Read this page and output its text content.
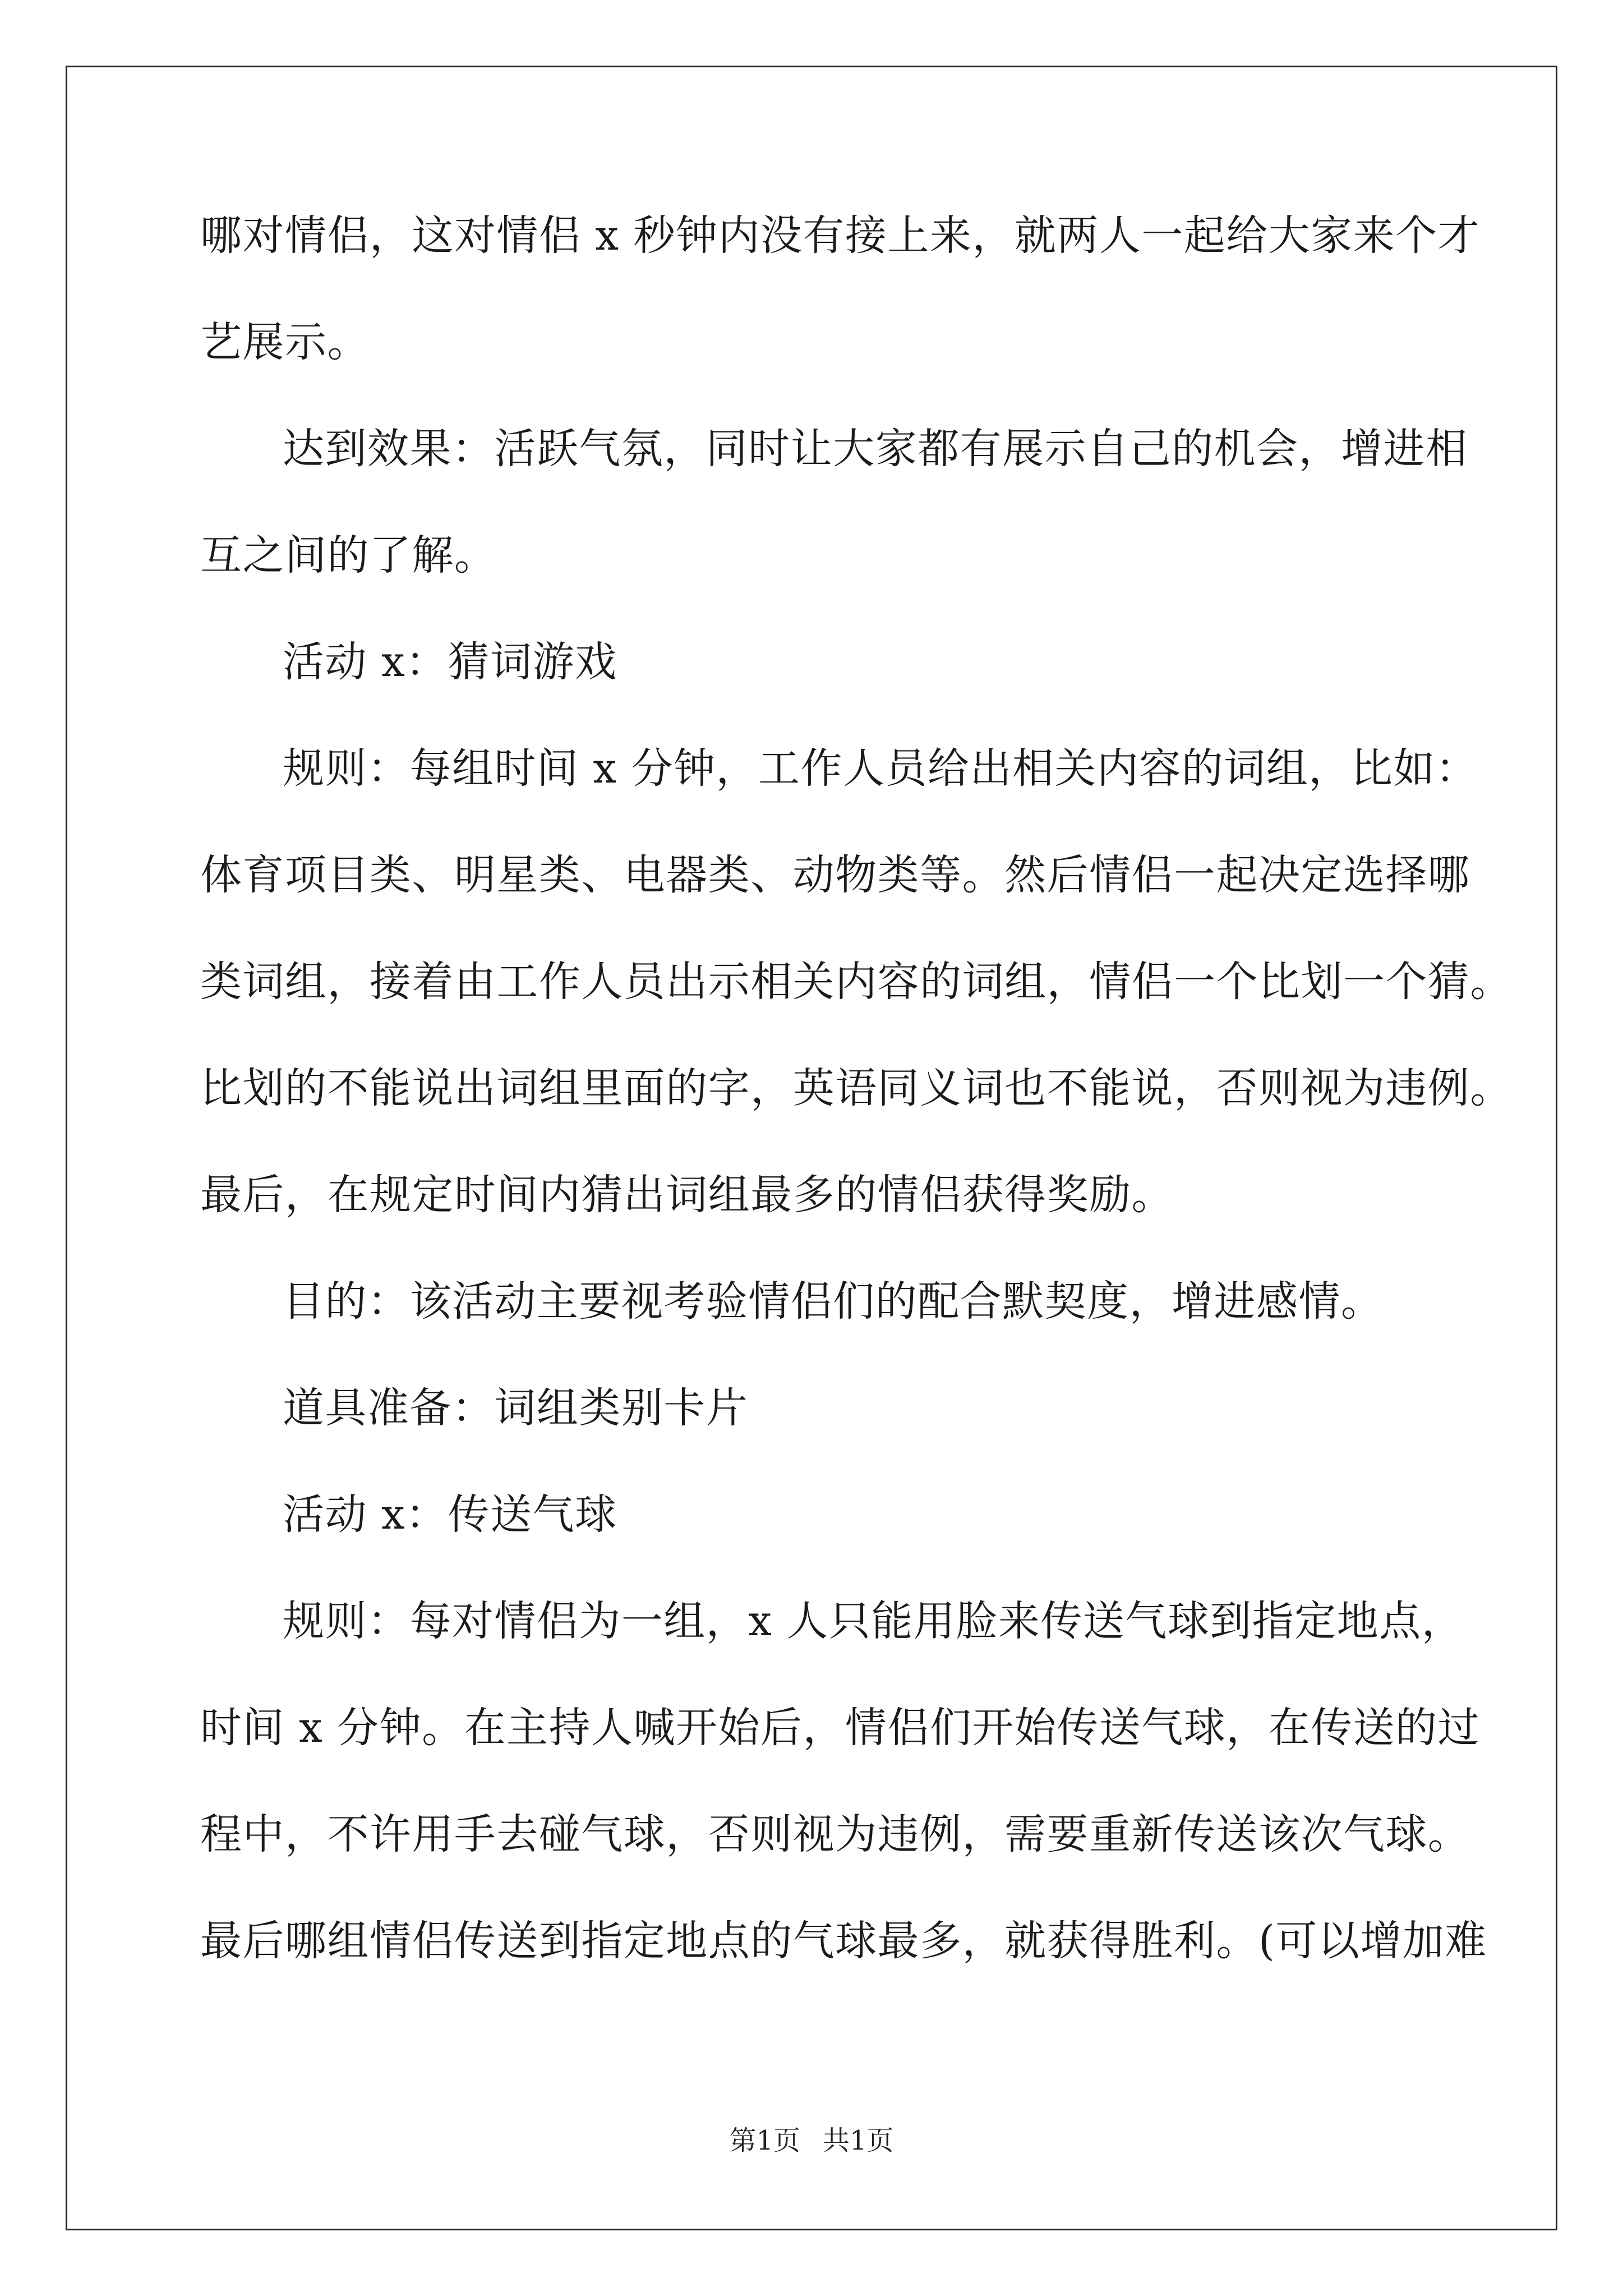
哪对情侣，这对情侣 x 秒钟内没有接上来，就两人一起给大家来个才
艺展示。
达到效果：活跃气氛，同时让大家都有展示自己的机会，增进相
互之间的了解。
活动 x：猜词游戏
规则：每组时间 x 分钟，工作人员给出相关内容的词组，比如：
体育项目类、明星类、电器类、动物类等。然后情侣一起决定选择哪
类词组，接着由工作人员出示相关内容的词组，情侣一个比划一个猜。
比划的不能说出词组里面的字，英语同义词也不能说，否则视为违例。
最后，在规定时间内猜出词组最多的情侣获得奖励。
目的：该活动主要视考验情侣们的配合默契度，增进感情。
道具准备：词组类别卡片
活动 x：传送气球
规则：每对情侣为一组，x 人只能用脸来传送气球到指定地点，
时间 x 分钟。在主持人喊开始后，情侣们开始传送气球，在传送的过
程中，不许用手去碰气球，否则视为违例，需要重新传送该次气球。
最后哪组情侣传送到指定地点的气球最多，就获得胜利。(可以增加难
第1页 共1页
